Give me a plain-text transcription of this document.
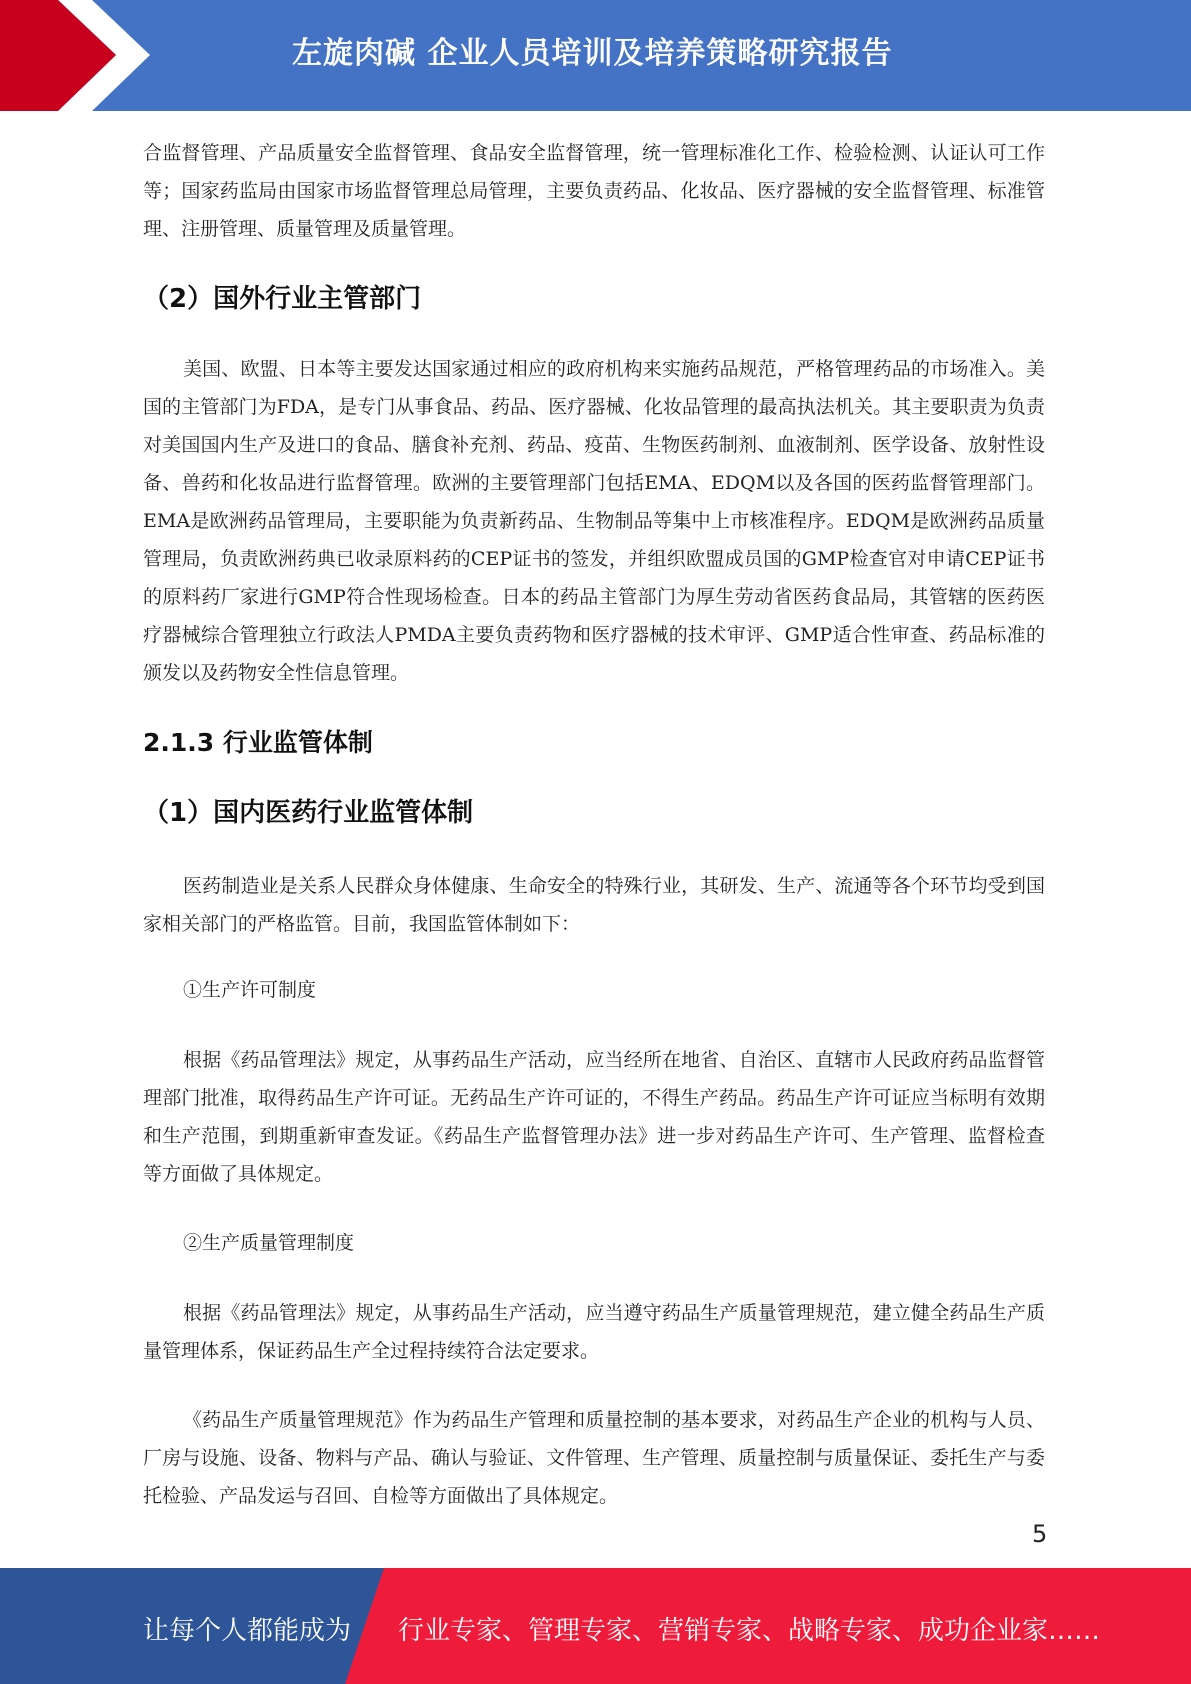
左旋肉碱 企业人员培训及培养策略研究报告

合监督管理、产品质量安全监督管理、食品安全监督管理，统一管理标准化工作、检验检测、认证认可工作等；国家药监局由国家市场监督管理总局管理，主要负责药品、化妆品、医疗器械的安全监督管理、标准管理、注册管理、质量管理及质量管理。

（2）国外行业主管部门

美国、欧盟、日本等主要发达国家通过相应的政府机构来实施药品规范，严格管理药品的市场准入。美国的主管部门为FDA，是专门从事食品、药品、医疗器械、化妆品管理的最高执法机关。其主要职责为负责对美国国内生产及进口的食品、膳食补充剂、药品、疫苗、生物医药制剂、血液制剂、医学设备、放射性设备、兽药和化妆品进行监督管理。欧洲的主要管理部门包括EMA、EDQM以及各国的医药监督管理部门。EMA是欧洲药品管理局，主要职能为负责新药品、生物制品等集中上市核准程序。EDQM是欧洲药品质量管理局，负责欧洲药典已收录原料药的CEP证书的签发，并组织欧盟成员国的GMP检查官对申请CEP证书的原料药厂家进行GMP符合性现场检查。日本的药品主管部门为厚生劳动省医药食品局，其管辖的医药医疗器械综合管理独立行政法人PMDA主要负责药物和医疗器械的技术审评、GMP适合性审查、药品标准的颁发以及药物安全性信息管理。

2.1.3 行业监管体制
（1）国内医药行业监管体制

医药制造业是关系人民群众身体健康、生命安全的特殊行业，其研发、生产、流通等各个环节均受到国家相关部门的严格监管。目前，我国监管体制如下：

①生产许可制度

根据《药品管理法》规定，从事药品生产活动，应当经所在地省、自治区、直辖市人民政府药品监督管理部门批准，取得药品生产许可证。无药品生产许可证的，不得生产药品。药品生产许可证应当标明有效期和生产范围，到期重新审查发证。《药品生产监督管理办法》进一步对药品生产许可、生产管理、监督检查等方面做了具体规定。

②生产质量管理制度

根据《药品管理法》规定，从事药品生产活动，应当遵守药品生产质量管理规范，建立健全药品生产质量管理体系，保证药品生产全过程持续符合法定要求。

《药品生产质量管理规范》作为药品生产管理和质量控制的基本要求，对药品生产企业的机构与人员、厂房与设施、设备、物料与产品、确认与验证、文件管理、生产管理、质量控制与质量保证、委托生产与委托检验、产品发运与召回、自检等方面做出了具体规定。

5
让每个人都能成为 行业专家、管理专家、营销专家、战略专家、成功企业家……
